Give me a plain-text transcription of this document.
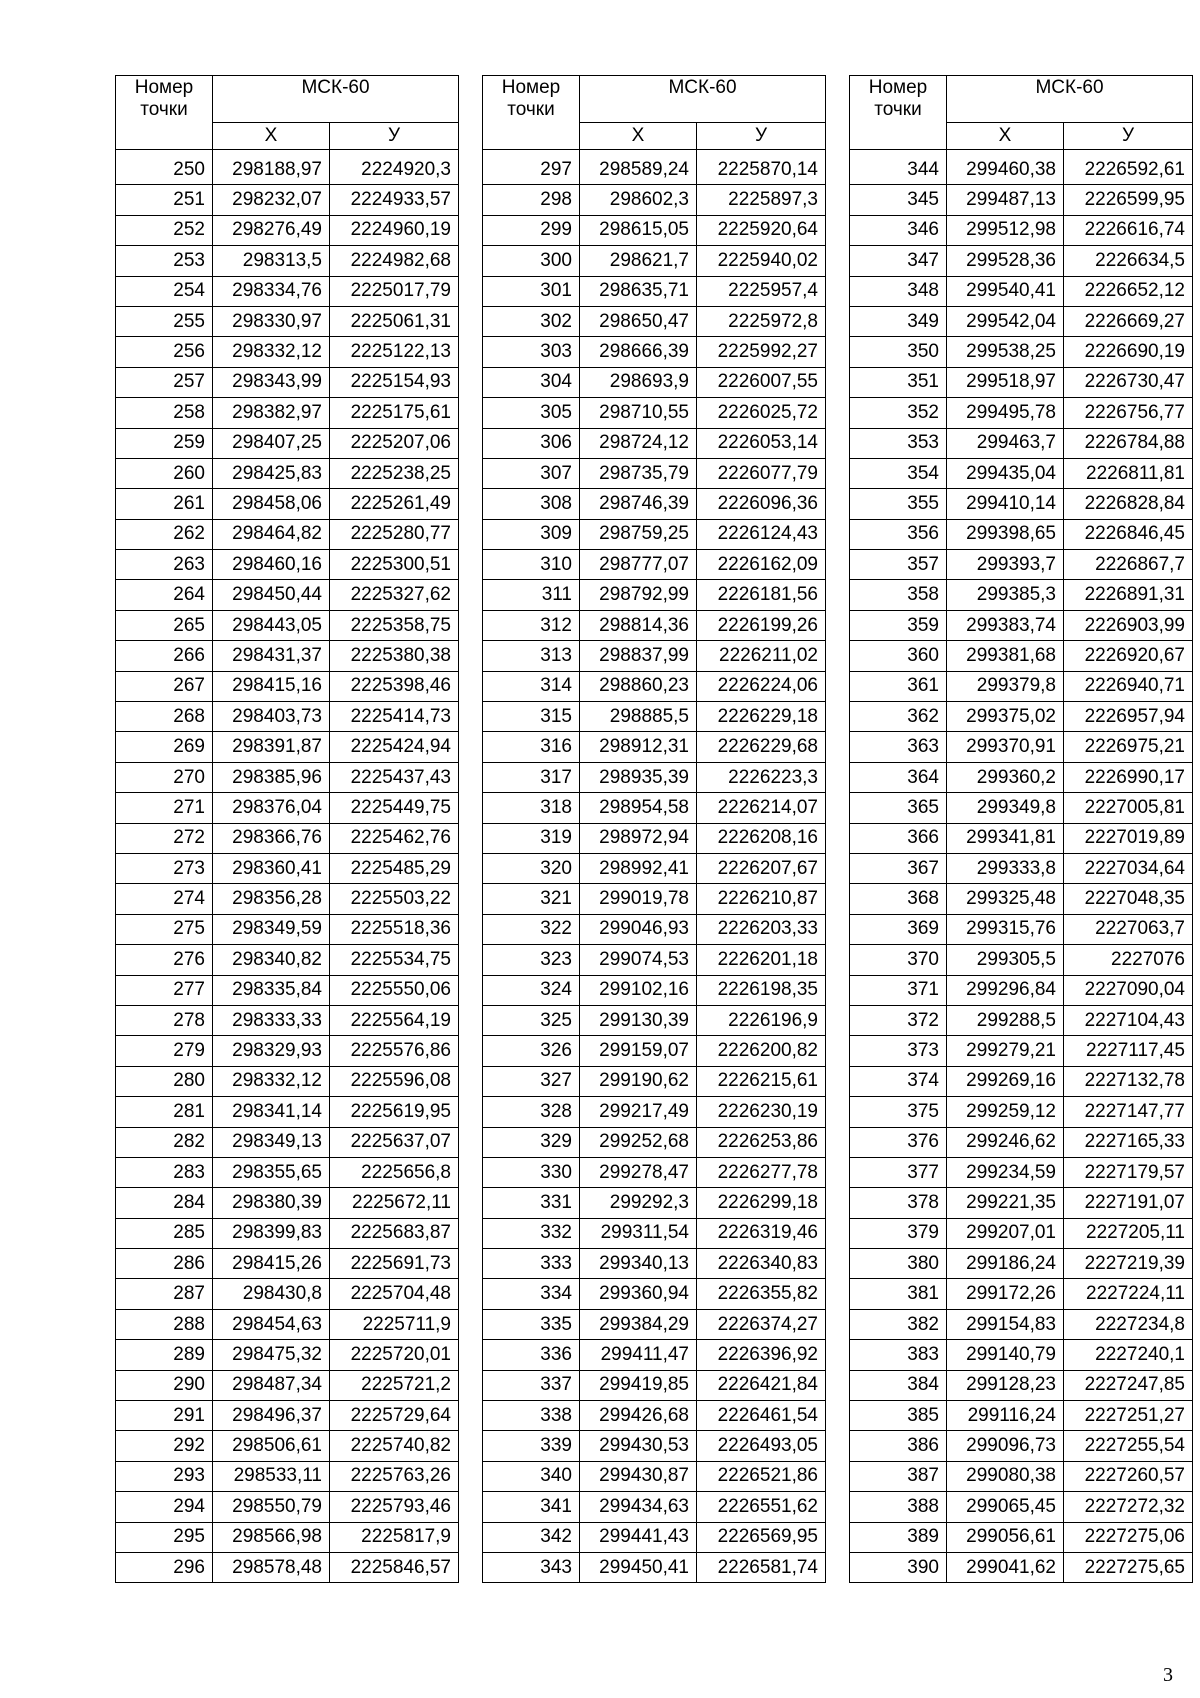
Номер
точки	МСК-60	
	Х	У
250	298188,97	2224920,3
251	298232,07	2224933,57
252	298276,49	2224960,19
253	298313,5	2224982,68
254	298334,76	2225017,79
255	298330,97	2225061,31
256	298332,12	2225122,13
257	298343,99	2225154,93
258	298382,97	2225175,61
259	298407,25	2225207,06
260	298425,83	2225238,25
261	298458,06	2225261,49
262	298464,82	2225280,77
263	298460,16	2225300,51
264	298450,44	2225327,62
265	298443,05	2225358,75
266	298431,37	2225380,38
267	298415,16	2225398,46
268	298403,73	2225414,73
269	298391,87	2225424,94
270	298385,96	2225437,43
271	298376,04	2225449,75
272	298366,76	2225462,76
273	298360,41	2225485,29
274	298356,28	2225503,22
275	298349,59	2225518,36
276	298340,82	2225534,75
277	298335,84	2225550,06
278	298333,33	2225564,19
279	298329,93	2225576,86
280	298332,12	2225596,08
281	298341,14	2225619,95
282	298349,13	2225637,07
283	298355,65	2225656,8
284	298380,39	2225672,11
285	298399,83	2225683,87
286	298415,26	2225691,73
287	298430,8	2225704,48
288	298454,63	2225711,9
289	298475,32	2225720,01
290	298487,34	2225721,2
291	298496,37	2225729,64
292	298506,61	2225740,82
293	298533,11	2225763,26
294	298550,79	2225793,46
295	298566,98	2225817,9
296	298578,48	2225846,57
Номер
точки	МСК-60	
	Х	У
297	298589,24	2225870,14
298	298602,3	2225897,3
299	298615,05	2225920,64
300	298621,7	2225940,02
301	298635,71	2225957,4
302	298650,47	2225972,8
303	298666,39	2225992,27
304	298693,9	2226007,55
305	298710,55	2226025,72
306	298724,12	2226053,14
307	298735,79	2226077,79
308	298746,39	2226096,36
309	298759,25	2226124,43
310	298777,07	2226162,09
311	298792,99	2226181,56
312	298814,36	2226199,26
313	298837,99	2226211,02
314	298860,23	2226224,06
315	298885,5	2226229,18
316	298912,31	2226229,68
317	298935,39	2226223,3
318	298954,58	2226214,07
319	298972,94	2226208,16
320	298992,41	2226207,67
321	299019,78	2226210,87
322	299046,93	2226203,33
323	299074,53	2226201,18
324	299102,16	2226198,35
325	299130,39	2226196,9
326	299159,07	2226200,82
327	299190,62	2226215,61
328	299217,49	2226230,19
329	299252,68	2226253,86
330	299278,47	2226277,78
331	299292,3	2226299,18
332	299311,54	2226319,46
333	299340,13	2226340,83
334	299360,94	2226355,82
335	299384,29	2226374,27
336	299411,47	2226396,92
337	299419,85	2226421,84
338	299426,68	2226461,54
339	299430,53	2226493,05
340	299430,87	2226521,86
341	299434,63	2226551,62
342	299441,43	2226569,95
343	299450,41	2226581,74
Номер
точки	МСК-60	
	Х	У
344	299460,38	2226592,61
345	299487,13	2226599,95
346	299512,98	2226616,74
347	299528,36	2226634,5
348	299540,41	2226652,12
349	299542,04	2226669,27
350	299538,25	2226690,19
351	299518,97	2226730,47
352	299495,78	2226756,77
353	299463,7	2226784,88
354	299435,04	2226811,81
355	299410,14	2226828,84
356	299398,65	2226846,45
357	299393,7	2226867,7
358	299385,3	2226891,31
359	299383,74	2226903,99
360	299381,68	2226920,67
361	299379,8	2226940,71
362	299375,02	2226957,94
363	299370,91	2226975,21
364	299360,2	2226990,17
365	299349,8	2227005,81
366	299341,81	2227019,89
367	299333,8	2227034,64
368	299325,48	2227048,35
369	299315,76	2227063,7
370	299305,5	2227076
371	299296,84	2227090,04
372	299288,5	2227104,43
373	299279,21	2227117,45
374	299269,16	2227132,78
375	299259,12	2227147,77
376	299246,62	2227165,33
377	299234,59	2227179,57
378	299221,35	2227191,07
379	299207,01	2227205,11
380	299186,24	2227219,39
381	299172,26	2227224,11
382	299154,83	2227234,8
383	299140,79	2227240,1
384	299128,23	2227247,85
385	299116,24	2227251,27
386	299096,73	2227255,54
387	299080,38	2227260,57
388	299065,45	2227272,32
389	299056,61	2227275,06
390	299041,62	2227275,65
3
